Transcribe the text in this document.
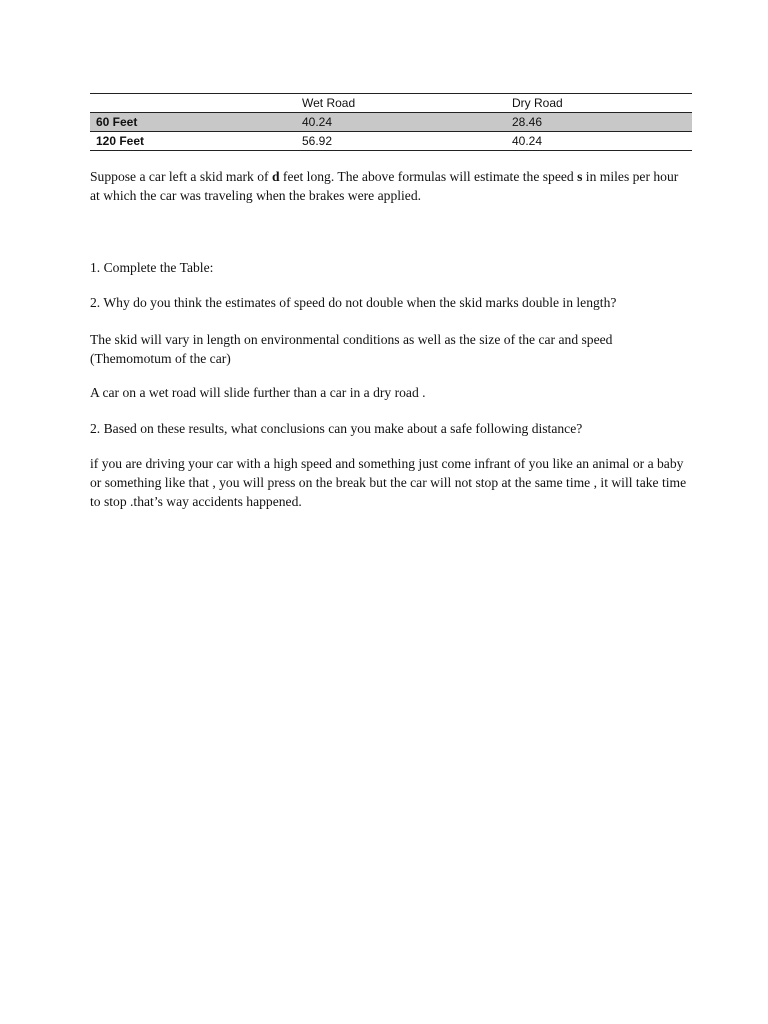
	Wet Road	Dry Road
60 Feet	40.24	28.46
120 Feet	56.92	40.24

Suppose a car left a skid mark of d feet long. The above formulas will estimate the speed s in miles per hour at which the car was traveling when the brakes were applied.

1. Complete the Table:

2. Why do you think the estimates of speed do not double when the skid marks double in length?

The skid will vary in length on environmental conditions as well as the size of the car and speed (Themomotum of the car)

A car on a wet road will slide further than a car in a dry road .

2. Based on these results, what conclusions can you make about a safe following distance?

if you are driving your car with a high speed and something just come infrant of you like an animal or a baby or something like that , you will press on the break but the car will not stop at the same time , it will take time to stop .that’s way accidents happened.
